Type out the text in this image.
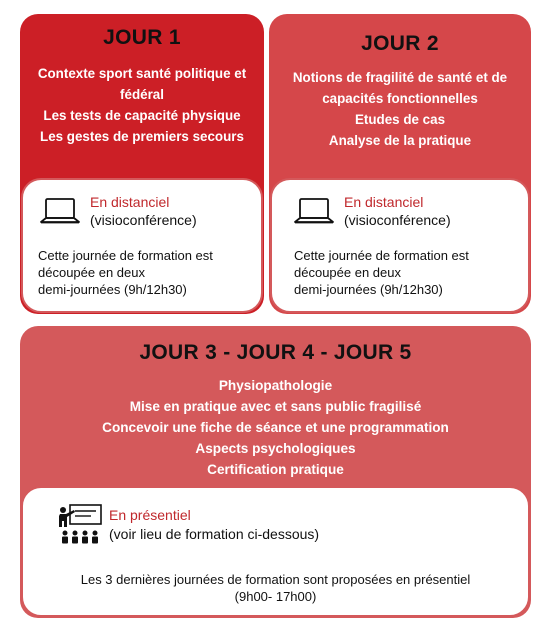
JOUR 1
Contexte sport santé politique et
fédéral
Les tests de capacité physique
Les gestes de premiers secours
En distanciel
(visioconférence)
Cette journée de formation est
découpée en deux
demi-journées (9h/12h30)
JOUR 2
Notions de fragilité de santé et de
capacités fonctionnelles
Etudes de cas
Analyse de la pratique
En distanciel
(visioconférence)
Cette journée de formation est
découpée en deux
demi-journées (9h/12h30)
JOUR 3 - JOUR 4 - JOUR 5
Physiopathologie
Mise en pratique avec et sans public fragilisé
Concevoir une fiche de séance et une programmation
Aspects psychologiques
Certification pratique
En présentiel
(voir lieu de formation ci-dessous)
Les 3 dernières journées de formation sont proposées en présentiel
(9h00- 17h00)
